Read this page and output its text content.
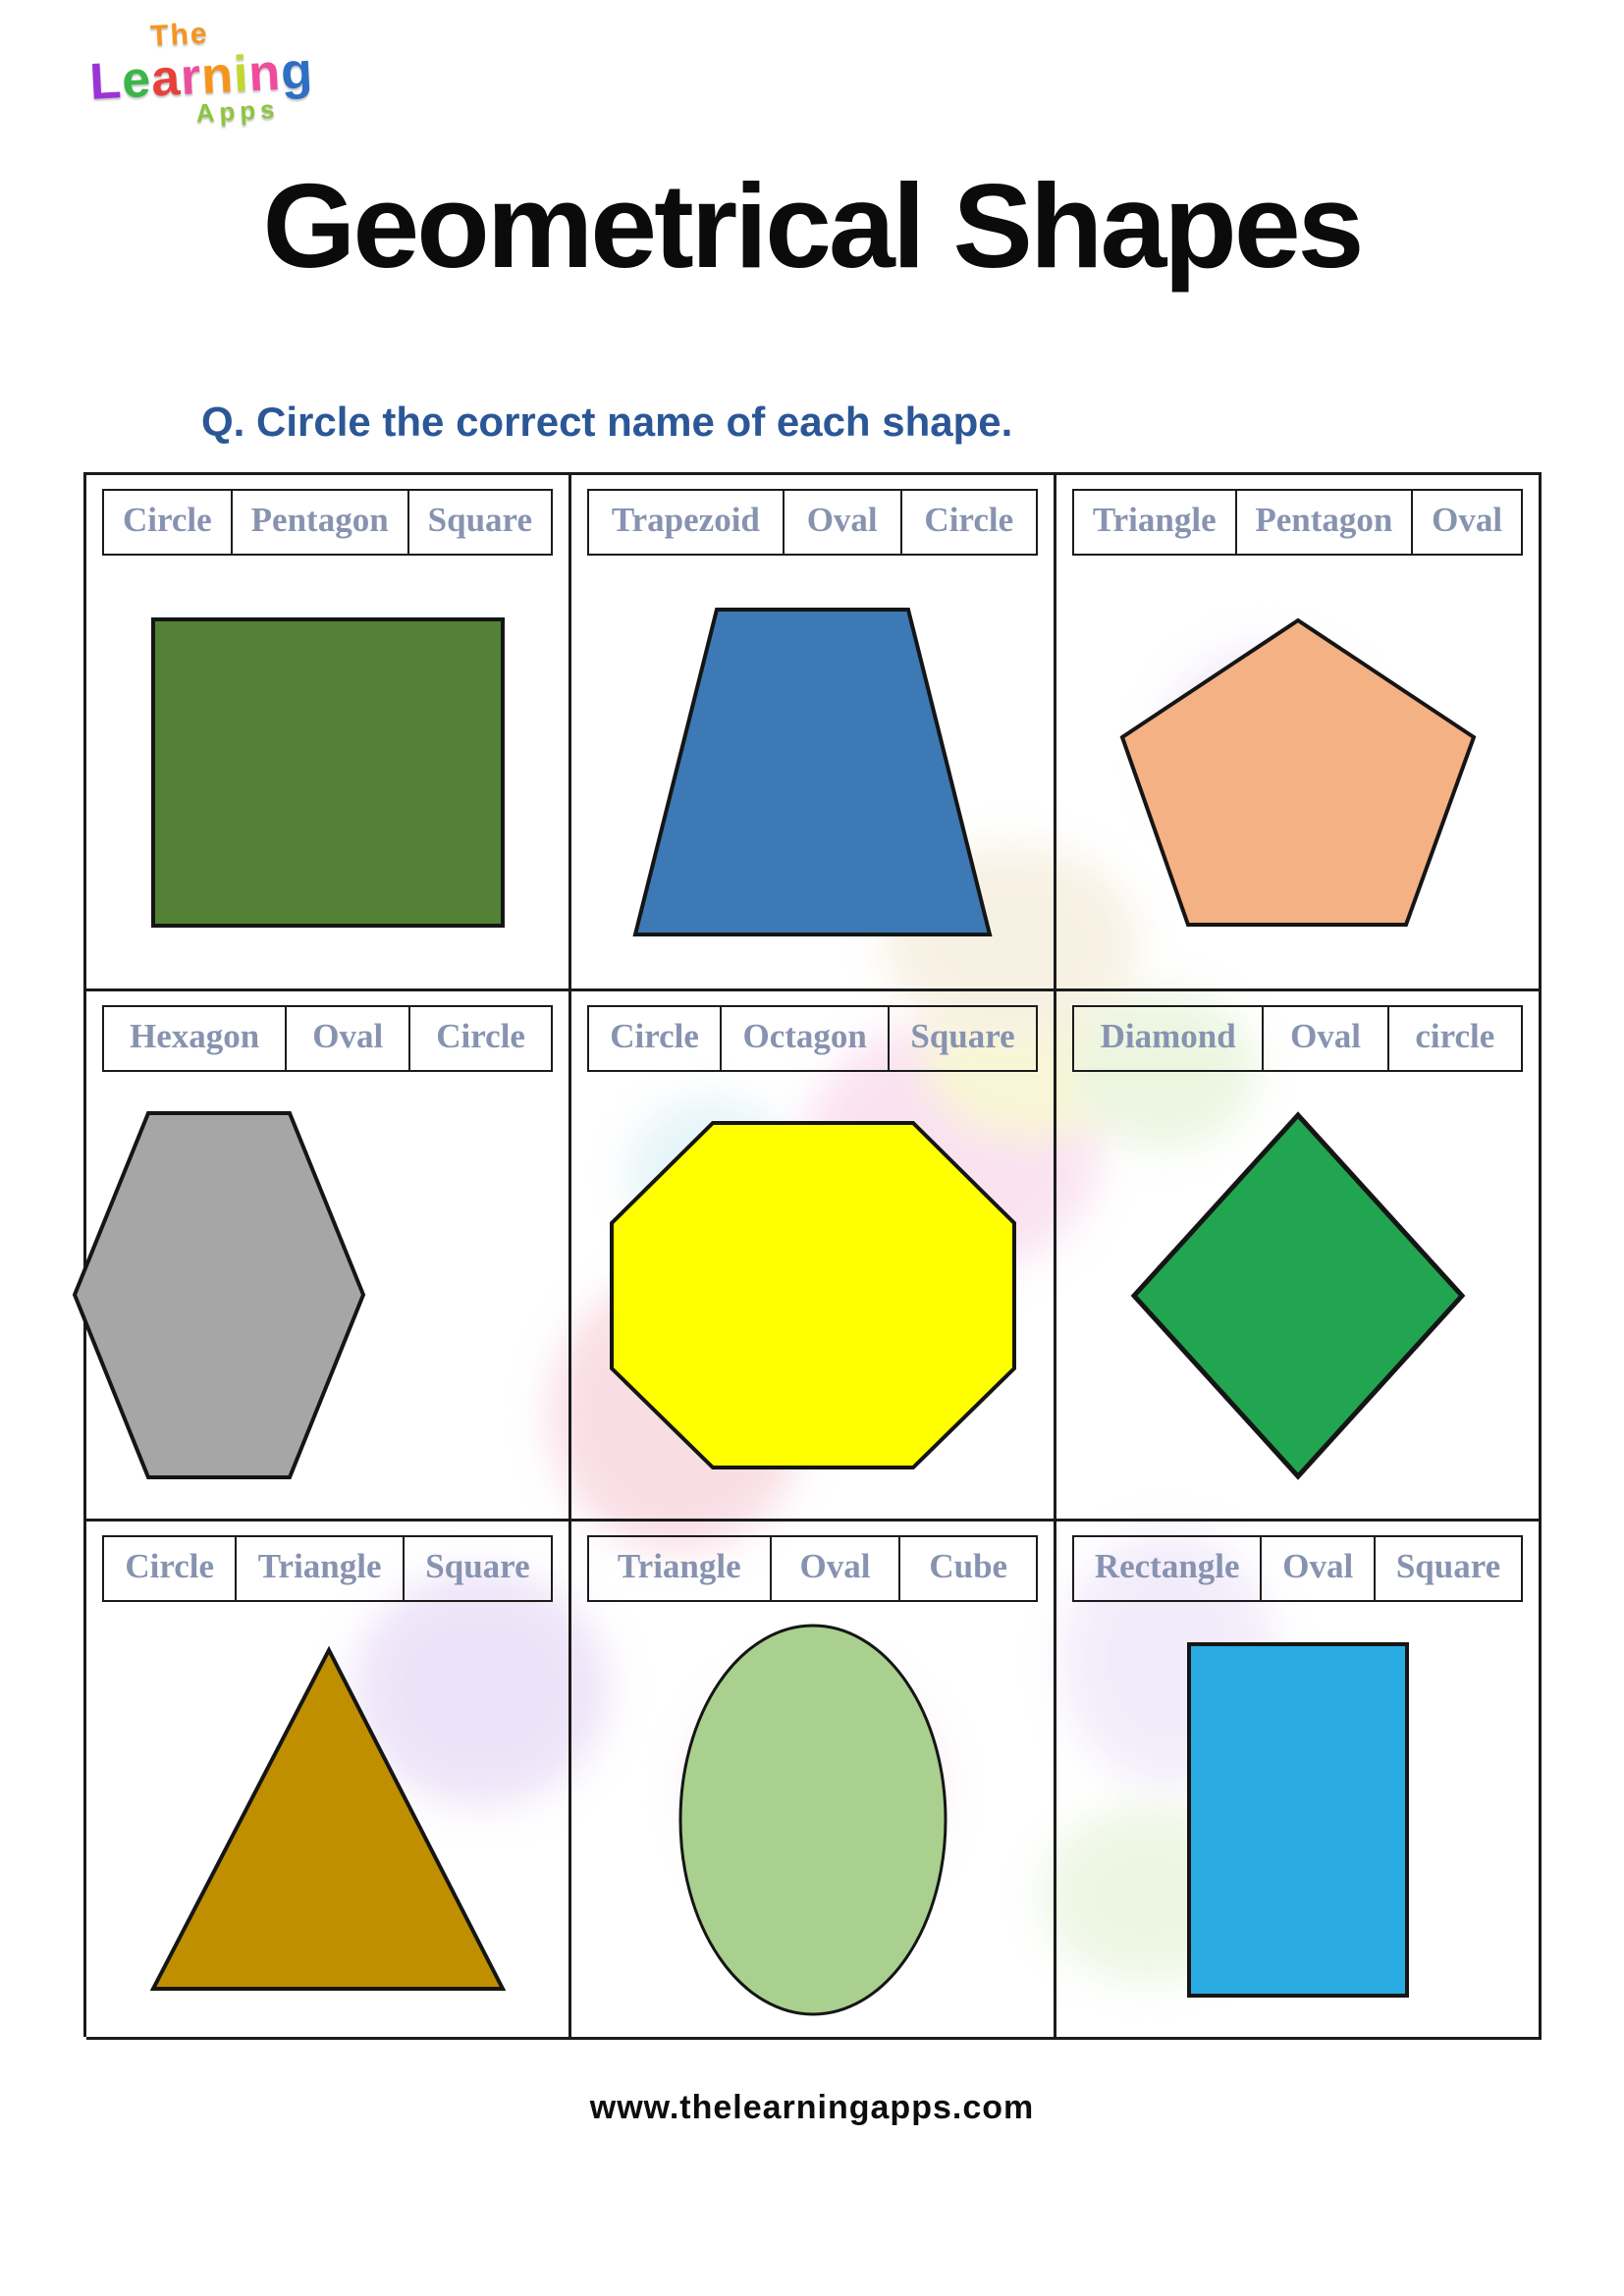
The
Learning
Apps
Geometrical Shapes
Q. Circle the correct name of each shape.
Circle	Pentagon	Square	Trapezoid	Oval	Circle	Triangle	Pentagon	Oval
Hexagon	Oval	Circle	Circle	Octagon	Square	Diamond	Oval	circle
Circle	Triangle	Square	Triangle	Oval	Cube	Rectangle	Oval	Square
www.thelearningapps.com
